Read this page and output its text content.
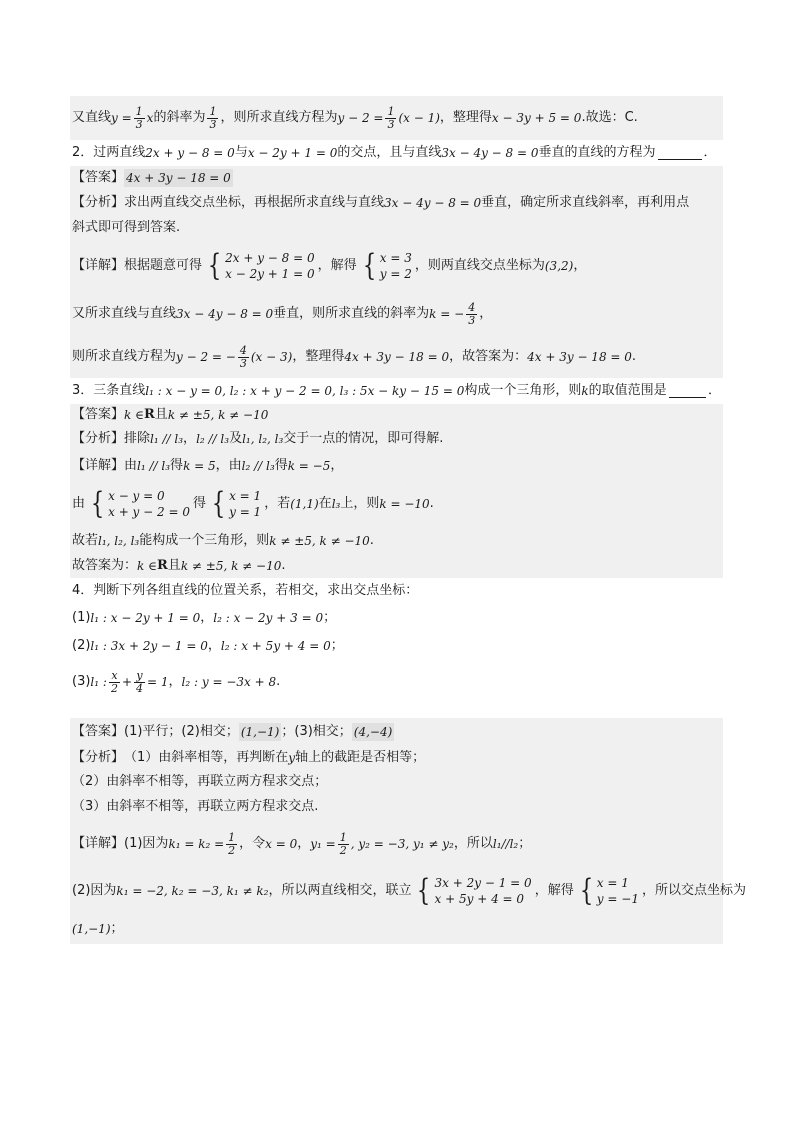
又直线 $y = \frac{1}{3}$ x 的斜率为 $\frac{1}{3}$ ，则所求直线方程为 $y - 2 = \frac{1}{3} (x - 1)$ ，整理得 x − 3y + 5 = 0 .故选：C.
2． 过两直线 2x + y − 8 = 0 与 x − 2y + 1 = 0 的交点，且与直线 3x − 4y − 8 = 0 垂直的直线的方程为	．
【答案】 4x + 3y − 18 = 0
【分析】 求出两直线交点坐标，再根据所求直线与直线 3x − 4y − 8 = 0 垂直，确定所求直线斜率，再利用点
斜式即可得到答案.
【详解】 根据题意可得 { 2x + y − 8 = 0
x − 2y + 1 = 0
，解得 { x = 3
y = 2
，则两直线交点坐标为 (3,2) ，
又所求直线与直线 3x − 4y − 8 = 0 垂直，则所求直线的斜率为 k = − $\frac{4}{3}$ ，
则所求直线方程为 y − 2 = − $\frac{4}{3} (x - 3)$ ，整理得 4x + 3y − 18 = 0 ，故答案为： 4x + 3y − 18 = 0 .
3． 三条直线 l₁ : x − y = 0, l₂ : x + y − 2 = 0, l₃ : 5x − ky − 15 = 0 构成一个三角形，则 k 的取值范围是	．
【答案】 k ∈ R 且 k ≠ ±5, k ≠ −10
【分析】 排除 l₁ // l₃ ， l₂ // l₃ 及 l₁, l₂, l₃ 交于一点的情况，即可得解.
【详解】 由 l₁ // l₃ 得 k = 5 ，由 l₂ // l₃ 得 k = −5 ，
由 { x − y = 0
x + y − 2 = 0
得 { x = 1
y = 1
，若 (1,1) 在 l₃ 上，则 k = −10 .
故若 l₁, l₂, l₃ 能构成一个三角形，则 k ≠ ±5, k ≠ −10 .
故答案为： k ∈ R 且 k ≠ ±5, k ≠ −10 .
4． 判断下列各组直线的位置关系，若相交，求出交点坐标：
(1) l₁ : x − 2y + 1 = 0 ， l₂ : x − 2y + 3 = 0 ；
(2) l₁ : 3x + 2y − 1 = 0 ， l₂ : x + 5y + 4 = 0 ；
(3) l₁ : $\frac{x}{2} + \frac{y}{4} = 1$ ， l₂ : y = −3x + 8 .
【答案】 (1)平行；(2)相交； (1,−1) ；(3)相交； (4,−4)
【分析】 （1）由斜率相等，再判断在 y 轴上的截距是否相等；
（2）由斜率不相等，再联立两方程求交点；
（3）由斜率不相等，再联立两方程求交点.
【详解】 (1)因为 $k_1 = k_2 = \frac{1}{2}$ ，令 x = 0 ， $y_1 = \frac{1}{2}$ , y₂ = −3, y₁ ≠ y₂ ，所以 l₁//l₂ ；
(2)因为 k₁ = −2, k₂ = −3, k₁ ≠ k₂ ，所以两直线相交，联立 { 3x + 2y − 1 = 0
x + 5y + 4 = 0
，解得 { x = 1
y = −1
，所以交点坐标为
(1,−1) ；
